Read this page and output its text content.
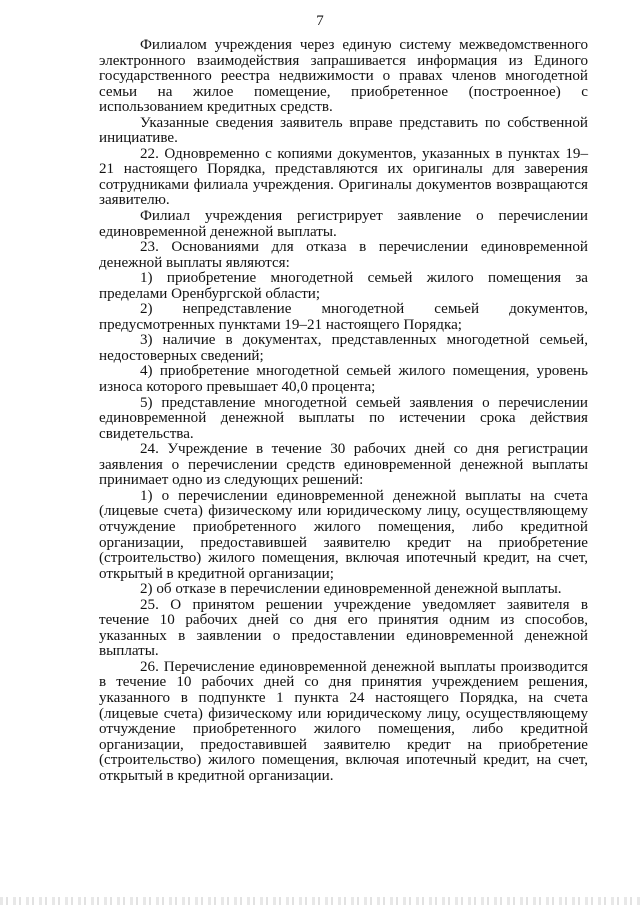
7

Филиалом учреждения через единую систему межведомственного электронного взаимодействия запрашивается информация из Единого государственного реестра недвижимости о правах членов многодетной семьи на жилое помещение, приобретенное (построенное) с использованием кредитных средств.

Указанные сведения заявитель вправе представить по собственной инициативе.

22. Одновременно с копиями документов, указанных в пунктах 19–21 настоящего Порядка, представляются их оригиналы для заверения сотрудниками филиала учреждения. Оригиналы документов возвращаются заявителю.

Филиал учреждения регистрирует заявление о перечислении единовременной денежной выплаты.

23. Основаниями для отказа в перечислении единовременной денежной выплаты являются:

1) приобретение многодетной семьей жилого помещения за пределами Оренбургской области;

2) непредставление многодетной семьей документов, предусмотренных пунктами 19–21 настоящего Порядка;

3) наличие в документах, представленных многодетной семьей, недостоверных сведений;

4) приобретение многодетной семьей жилого помещения, уровень износа которого превышает 40,0 процента;

5) представление многодетной семьей заявления о перечислении единовременной денежной выплаты по истечении срока действия свидетельства.

24. Учреждение в течение 30 рабочих дней со дня регистрации заявления о перечислении средств единовременной денежной выплаты принимает одно из следующих решений:

1) о перечислении единовременной денежной выплаты на счета (лицевые счета) физическому или юридическому лицу, осуществляющему отчуждение приобретенного жилого помещения, либо кредитной организации, предоставившей заявителю кредит на приобретение (строительство) жилого помещения, включая ипотечный кредит, на счет, открытый в кредитной организации;

2) об отказе в перечислении единовременной денежной выплаты.

25. О принятом решении учреждение уведомляет заявителя в течение 10 рабочих дней со дня его принятия одним из способов, указанных в заявлении о предоставлении единовременной денежной выплаты.

26. Перечисление единовременной денежной выплаты производится в течение 10 рабочих дней со дня принятия учреждением решения, указанного в подпункте 1 пункта 24 настоящего Порядка, на счета (лицевые счета) физическому или юридическому лицу, осуществляющему отчуждение приобретенного жилого помещения, либо кредитной организации, предоставившей заявителю кредит на приобретение (строительство) жилого помещения, включая ипотечный кредит, на счет, открытый в кредитной организации.
